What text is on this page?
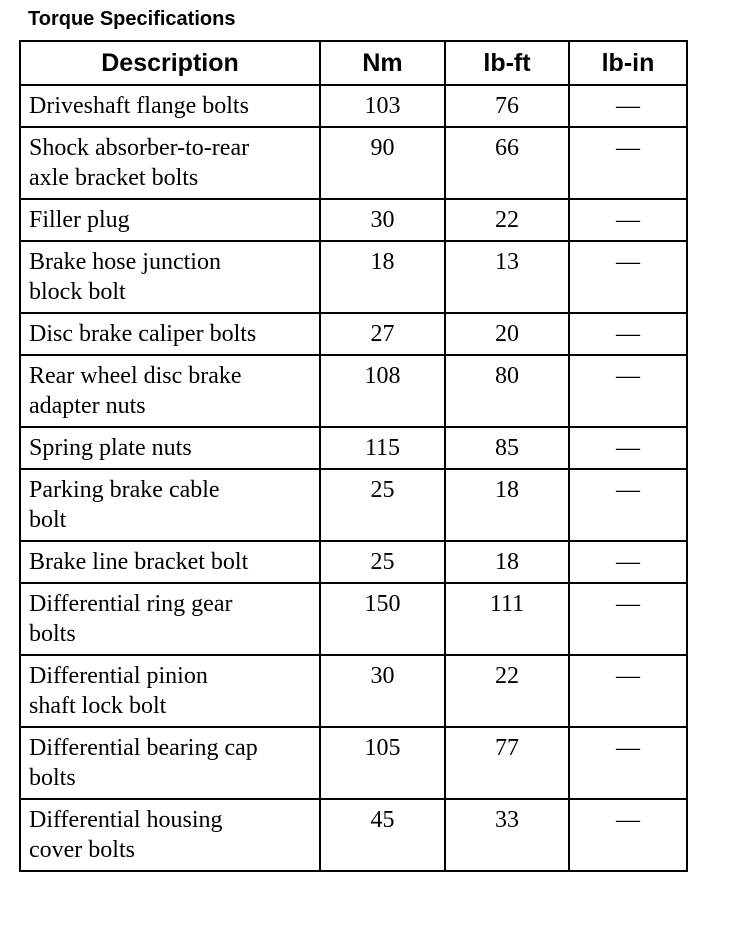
Torque Specifications
Description	Nm	lb-ft	lb-in

Driveshaft flange bolts	103	76	—

Shock absorber-to-rear
axle bracket bolts	90	66	—

Filler plug	30	22	—

Brake hose junction
block bolt	18	13	—

Disc brake caliper bolts	27	20	—

Rear wheel disc brake
adapter nuts	108	80	—

Spring plate nuts	115	85	—

Parking brake cable
bolt	25	18	—

Brake line bracket bolt	25	18	—

Differential ring gear
bolts	150	111	—

Differential pinion
shaft lock bolt	30	22	—

Differential bearing cap
bolts	105	77	—

Differential housing
cover bolts	45	33	—
